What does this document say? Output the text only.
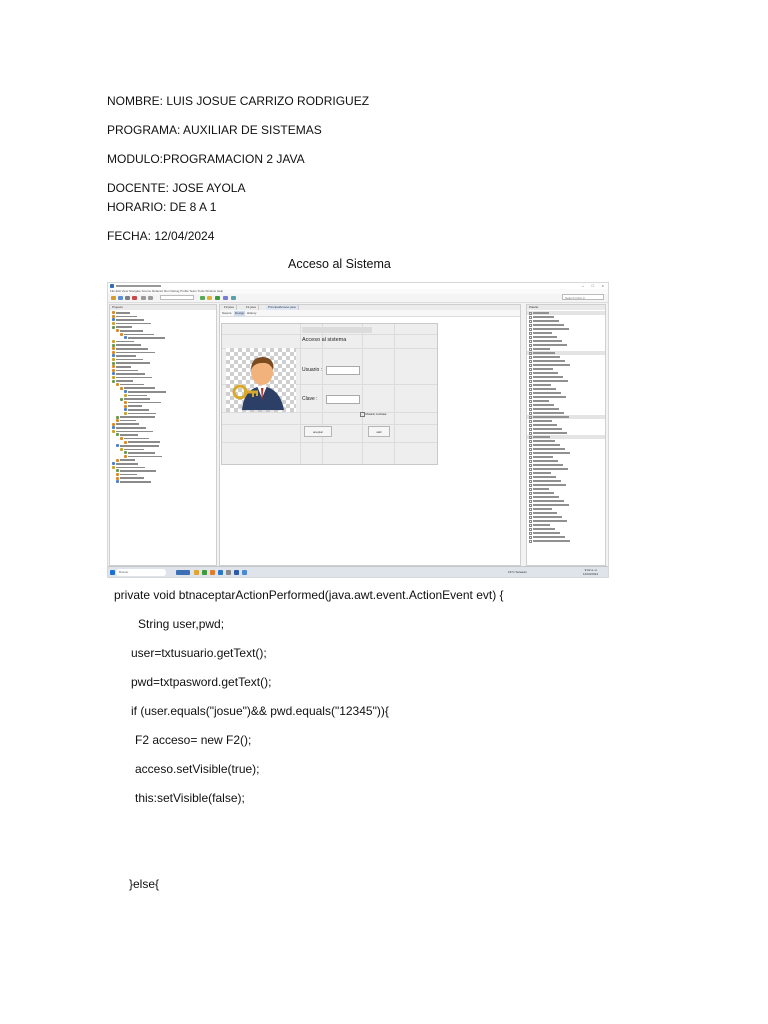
NOMBRE: LUIS JOSUE CARRIZO RODRIGUEZ
PROGRAMA: AUXILIAR DE SISTEMAS
MODULO:PROGRAMACION 2 JAVA
DOCENTE: JOSE AYOLA
HORARIO: DE 8 A 1
FECHA: 12/04/2024
Acceso al Sistema
– □ ×
File Edit View Navigate Source Refactor Run Debug Profile Team Tools Window Help
Search (Ctrl+I)
Projects	F2.java	F1.java	PrincipalAcceso.java
Source	Design History
Acceso al sistema
Usuario :
Clave :
Mostrar contrase
aceptar	salir
Palette
Buscar	19°C Soleado	9:02 a. m.
12/04/2024
private void btnaceptarActionPerformed(java.awt.event.ActionEvent evt) {
String user,pwd;
user=txtusuario.getText();
pwd=txtpasword.getText();
if (user.equals("josue")&& pwd.equals("12345")){
F2 acceso= new F2();
acceso.setVisible(true);
this:setVisible(false);
}else{
